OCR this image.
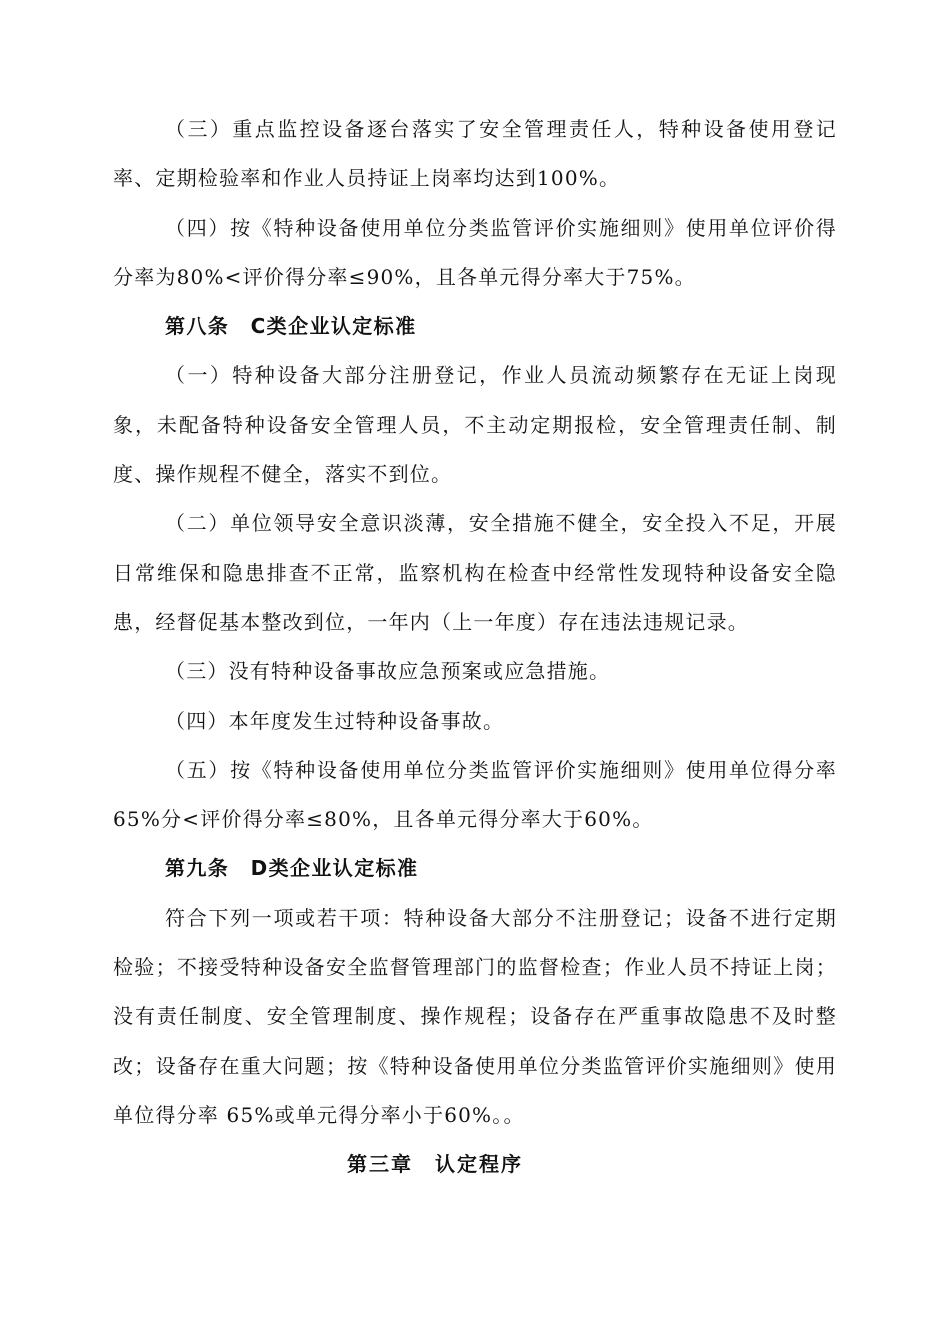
（三）重点监控设备逐台落实了安全管理责任人，特种设备使用登记率、定期检验率和作业人员持证上岗率均达到100%。

（四）按《特种设备使用单位分类监管评价实施细则》使用单位评价得分率为80%<评价得分率≤90%，且各单元得分率大于75%。

第八条　C类企业认定标准

（一）特种设备大部分注册登记，作业人员流动频繁存在无证上岗现象，未配备特种设备安全管理人员，不主动定期报检，安全管理责任制、制度、操作规程不健全，落实不到位。

（二）单位领导安全意识淡薄，安全措施不健全，安全投入不足，开展日常维保和隐患排查不正常，监察机构在检查中经常性发现特种设备安全隐患，经督促基本整改到位，一年内（上一年度）存在违法违规记录。

（三）没有特种设备事故应急预案或应急措施。

（四）本年度发生过特种设备事故。

（五）按《特种设备使用单位分类监管评价实施细则》使用单位得分率 65%分<评价得分率≤80%，且各单元得分率大于60%。

第九条　D类企业认定标准

符合下列一项或若干项：特种设备大部分不注册登记；设备不进行定期检验；不接受特种设备安全监督管理部门的监督检查；作业人员不持证上岗；没有责任制度、安全管理制度、操作规程；设备存在严重事故隐患不及时整改；设备存在重大问题；按《特种设备使用单位分类监管评价实施细则》使用单位得分率 65%或单元得分率小于60%。。

第三章　认定程序
